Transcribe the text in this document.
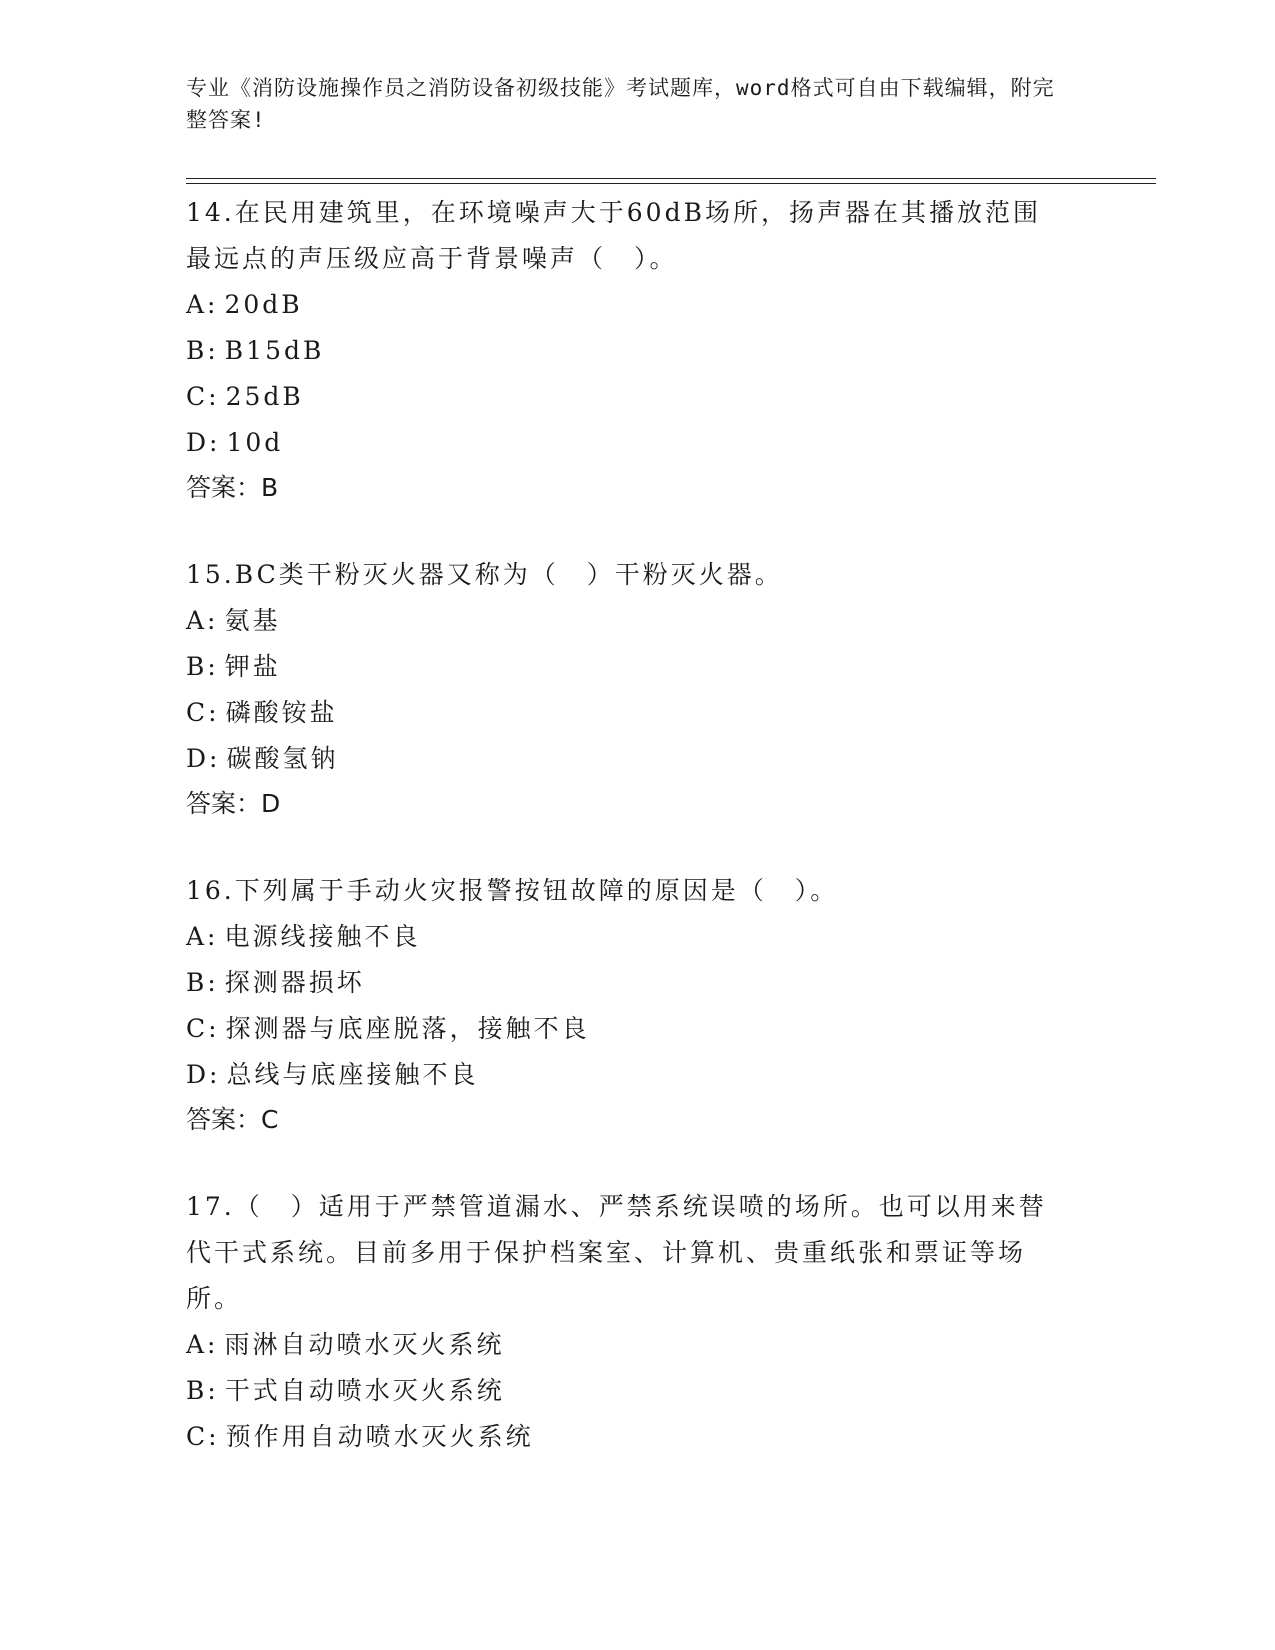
专业《消防设施操作员之消防设备初级技能》考试题库，word格式可自由下载编辑，附完整答案!

14.在民用建筑里，在环境噪声大于60dB场所，扬声器在其播放范围最远点的声压级应高于背景噪声（　）。

A: 20dB

B: B15dB

C: 25dB

D: 10d

答案：B

15.BC类干粉灭火器又称为（　）干粉灭火器。

A: 氨基

B: 钾盐

C: 磷酸铵盐

D: 碳酸氢钠

答案：D

16.下列属于手动火灾报警按钮故障的原因是（　）。

A: 电源线接触不良

B: 探测器损坏

C: 探测器与底座脱落，接触不良

D: 总线与底座接触不良

答案：C

17.（　）适用于严禁管道漏水、严禁系统误喷的场所。也可以用来替代干式系统。目前多用于保护档案室、计算机、贵重纸张和票证等场所。

A: 雨淋自动喷水灭火系统

B: 干式自动喷水灭火系统

C: 预作用自动喷水灭火系统
